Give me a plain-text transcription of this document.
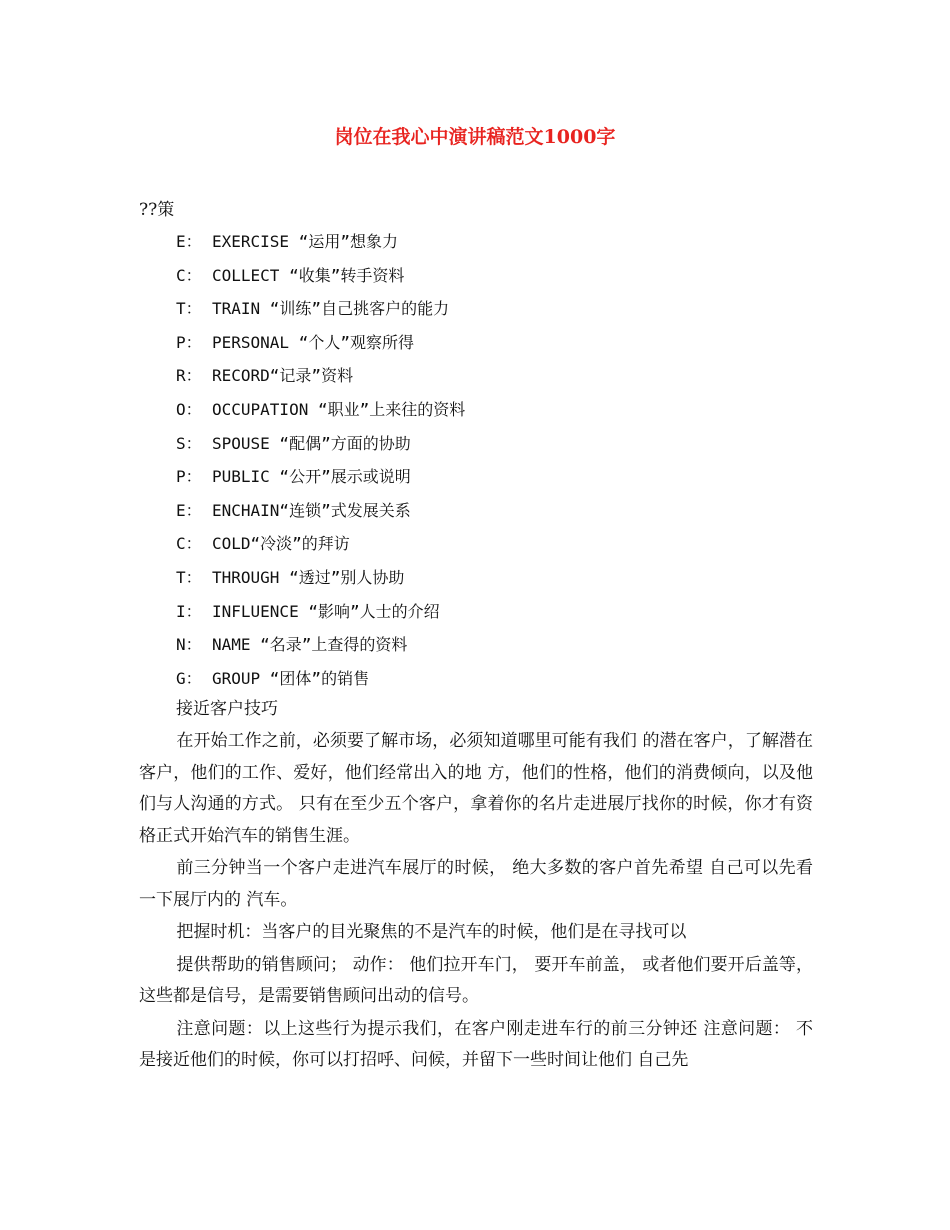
岗位在我心中演讲稿范文1000字
??策
E： EXERCISE “运用”想象力
C： COLLECT “收集”转手资料
T： TRAIN “训练”自己挑客户的能力
P： PERSONAL “个人”观察所得
R： RECORD“记录”资料
O： OCCUPATION “职业”上来往的资料
S： SPOUSE “配偶”方面的协助
P： PUBLIC “公开”展示或说明
E： ENCHAIN“连锁”式发展关系
C： COLD“冷淡”的拜访
T： THROUGH “透过”别人协助
I： INFLUENCE “影响”人士的介绍
N： NAME “名录”上查得的资料
G： GROUP “团体”的销售
接近客户技巧

在开始工作之前，必须要了解市场，必须知道哪里可能有我们 的潜在客户，了解潜在客户，他们的工作、爱好，他们经常出入的地 方，他们的性格，他们的消费倾向，以及他们与人沟通的方式。 只有在至少五个客户，拿着你的名片走进展厅找你的时候，你才有资 格正式开始汽车的销售生涯。

前三分钟当一个客户走进汽车展厅的时候， 绝大多数的客户首先希望 自己可以先看一下展厅内的 汽车。

把握时机：当客户的目光聚焦的不是汽车的时候，他们是在寻找可以

提供帮助的销售顾问； 动作： 他们拉开车门， 要开车前盖， 或者他们要开后盖等， 这些都是信号，是需要销售顾问出动的信号。

注意问题：以上这些行为提示我们，在客户刚走进车行的前三分钟还 注意问题： 不是接近他们的时候，你可以打招呼、问候，并留下一些时间让他们 自己先
